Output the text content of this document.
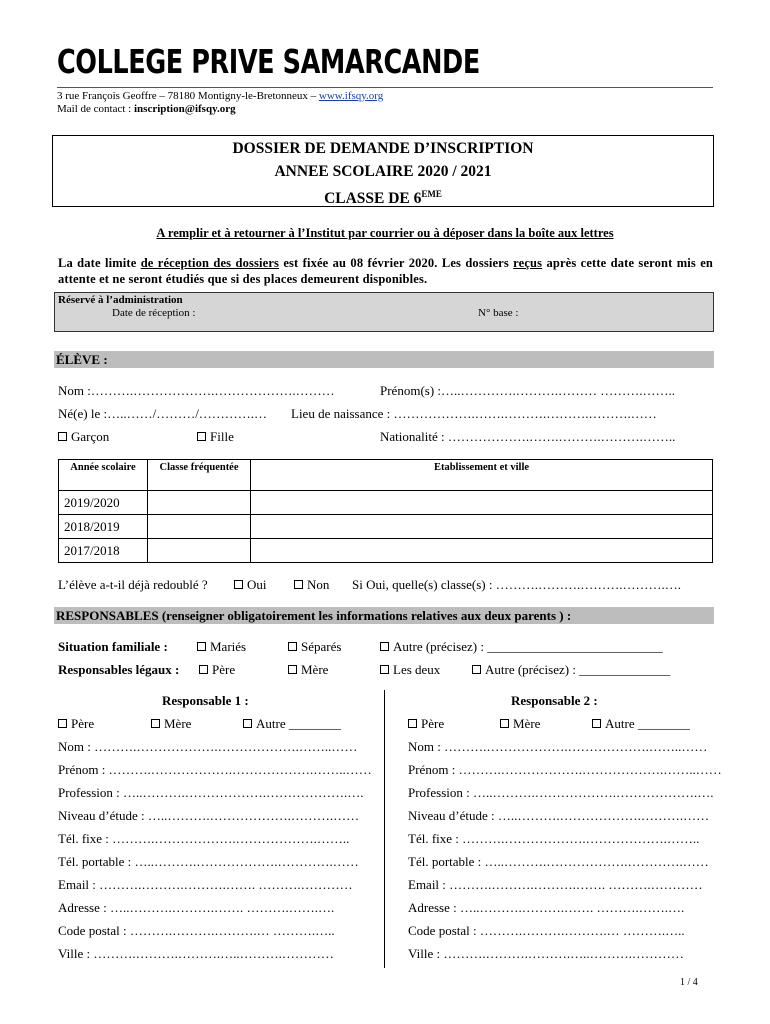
COLLEGE PRIVE SAMARCANDE
3 rue François Geoffre – 78180 Montigny-le-Bretonneux – www.ifsqy.org
Mail de contact : inscription@ifsqy.org
DOSSIER DE DEMANDE D’INSCRIPTION
ANNEE SCOLAIRE 2020 / 2021
CLASSE DE 6EME
A remplir et à retourner à l’Institut par courrier ou à déposer dans la boîte aux lettres
La date limite de réception des dossiers est fixée au 08 février 2020. Les dossiers reçus après cette date seront mis en attente et ne seront étudiés que si des places demeurent disponibles.
Réservé à l’administration
Date de réception :	N° base :
ÉLÈVE :
Nom :……….……………….……………….………	Prénom(s) :…..………….……….……… ……….……..
Né(e) le :…..……/………/………….… Lieu de naissance : ……………….…….……….……….……….……
Garçon	Fille	Nationalité : ……………….…….……….……….……..
Année scolaire	Classe fréquentée	Etablissement et ville
2019/2020		
2018/2019		
2017/2018		
L’élève a-t-il déjà redoublé ?	Oui	Non Si Oui, quelle(s) classe(s) : ……….……….……….……….….
RESPONSABLES (renseigner obligatoirement les informations relatives aux deux parents ) :
Situation familiale :	Mariés	Séparés	Autre (précisez) : ___________________________
Responsables légaux :	Père	Mère	Les deux	Autre (précisez) : ______________
Responsable 1 :
Père	Mère	Autre ________
Nom : ……….……………….……………….……..……
Prénom : ……….……………….……………….……..……
Profession : …..……….……………….……………….….
Niveau d’étude : …..……….……………….……….……
Tél. fixe : ……….……………….……………….……..
Tél. portable : …..……….……………….………….……
Email : ……….……….……….……. ……….…………
Adresse : …..……….……….……. ……….…….….
Code postal : ……….……….……….… ……….…..
Ville : ……….……….……….…..……….…………
Responsable 2 :
Père	Mère	Autre ________
Nom : ……….……………….……………….……..……
Prénom : ……….……………….……………….……..……
Profession : …..……….……………….……………….….
Niveau d’étude : …..……….……………….……….……
Tél. fixe : ……….……………….……………….……..
Tél. portable : …..……….……………….………….……
Email : ……….……….……….……. ……….…………
Adresse : …..……….……….……. ……….…….….
Code postal : ……….……….……….… ……….…..
Ville : ……….……….……….…..……….…………
1 / 4
